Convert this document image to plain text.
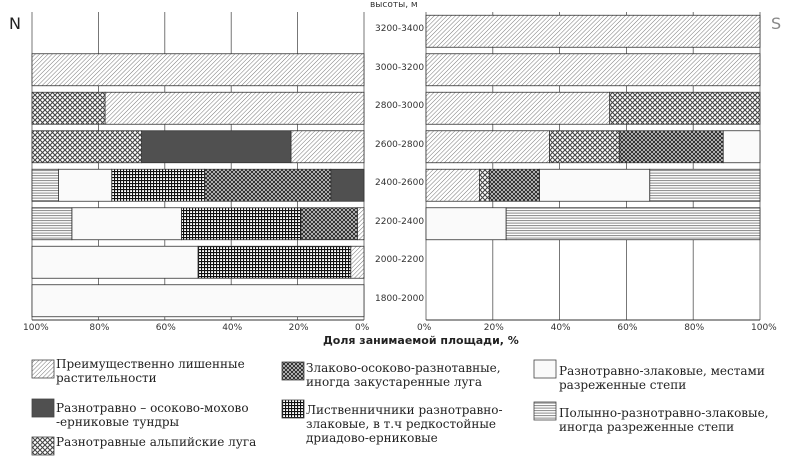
N	S
высоты, м
Доля занимаемой площади, %
3200-3400
3000-3200
2800-3000
2600-2800
2400-2600
2200-2400
2000-2200
1800-2000
100%	80%	60%	40%	20%	0%	0%	20%	40%	60%	80%	100%
Преимущественно лишенные
растительности
Разнотравно – осоково-мохово
-ерниковые тундры
Разнотравные альпийские луга
Злаково-осоково-разнотавные,
иногда закустаренные луга
Лиственничники разнотравно-
злаковые, в т.ч редкостойные
дриадово-ерниковые
Разнотравно-злаковые, местами
разреженные степи
Полынно-разнотравно-злаковые,
иногда разреженные степи
